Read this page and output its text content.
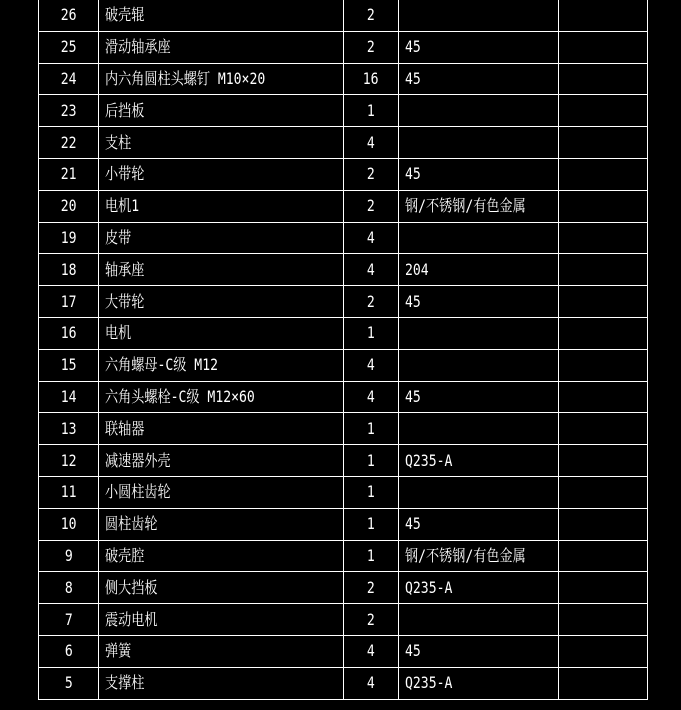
26	破壳辊	2		
25	滑动轴承座	2	45	
24	内六角圆柱头螺钉 M10×20	16	45	
23	后挡板	1		
22	支柱	4		
21	小带轮	2	45	
20	电机1	2	钢/不锈钢/有色金属	
19	皮带	4		
18	轴承座	4	204	
17	大带轮	2	45	
16	电机	1		
15	六角螺母-C级 M12	4		
14	六角头螺栓-C级 M12×60	4	45	
13	联轴器	1		
12	减速器外壳	1	Q235-A	
11	小圆柱齿轮	1		
10	圆柱齿轮	1	45	
9	破壳腔	1	钢/不锈钢/有色金属	
8	侧大挡板	2	Q235-A	
7	震动电机	2		
6	弹簧	4	45	
5	支撑柱	4	Q235-A	
